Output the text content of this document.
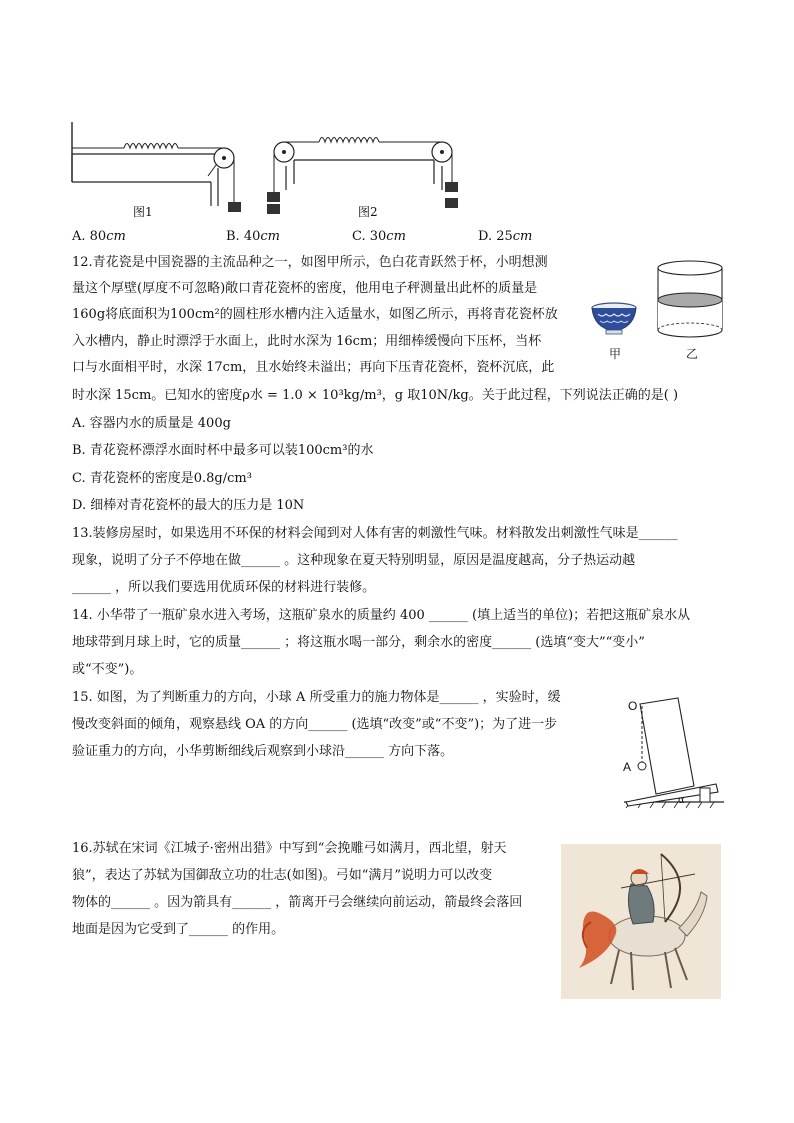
图1	图2
A. 80cm	B. 40cm	C. 30cm	D. 25cm
12.青花瓷是中国瓷器的主流品种之一，如图甲所示，色白花青跃然于杯，小明想测
量这个厚壁(厚度不可忽略)敞口青花瓷杯的密度，他用电子秤测量出此杯的质量是
160g将底面积为100cm²的圆柱形水槽内注入适量水，如图乙所示，再将青花瓷杯放
入水槽内，静止时漂浮于水面上，此时水深为 16cm；用细棒缓慢向下压杯，当杯
口与水面相平时，水深 17cm，且水始终未溢出；再向下压青花瓷杯，瓷杯沉底，此
时水深 15cm。已知水的密度ρ水 = 1.0 × 10³kg/m³，g 取10N/kg。关于此过程，下列说法正确的是( )
甲	乙
A. 容器内水的质量是 400g
B. 青花瓷杯漂浮水面时杯中最多可以装100cm³的水
C. 青花瓷杯的密度是0.8g/cm³
D. 细棒对青花瓷杯的最大的压力是 10N
13.装修房屋时，如果选用不环保的材料会闻到对人体有害的刺激性气味。材料散发出刺激性气味是______
现象，说明了分子不停地在做______ 。这种现象在夏天特别明显，原因是温度越高，分子热运动越
______ ，所以我们要选用优质环保的材料进行装修。
14. 小华带了一瓶矿泉水进入考场，这瓶矿泉水的质量约 400 ______ (填上适当的单位)；若把这瓶矿泉水从
地球带到月球上时，它的质量______ ；将这瓶水喝一部分，剩余水的密度______ (选填“变大”“变小”
或“不变”)。
15. 如图，为了判断重力的方向，小球 A 所受重力的施力物体是______ ，实验时，缓
慢改变斜面的倾角，观察悬线 OA 的方向______ (选填“改变”或“不变”)；为了进一步
验证重力的方向，小华剪断细线后观察到小球沿______ 方向下落。
O
A
α
16.苏轼在宋词《江城子·密州出猎》中写到“会挽雕弓如满月，西北望，射天
狼”，表达了苏轼为国御敌立功的壮志(如图)。弓如“满月”说明力可以改变
物体的______ 。因为箭具有______ ，箭离开弓会继续向前运动，箭最终会落回
地面是因为它受到了______ 的作用。
